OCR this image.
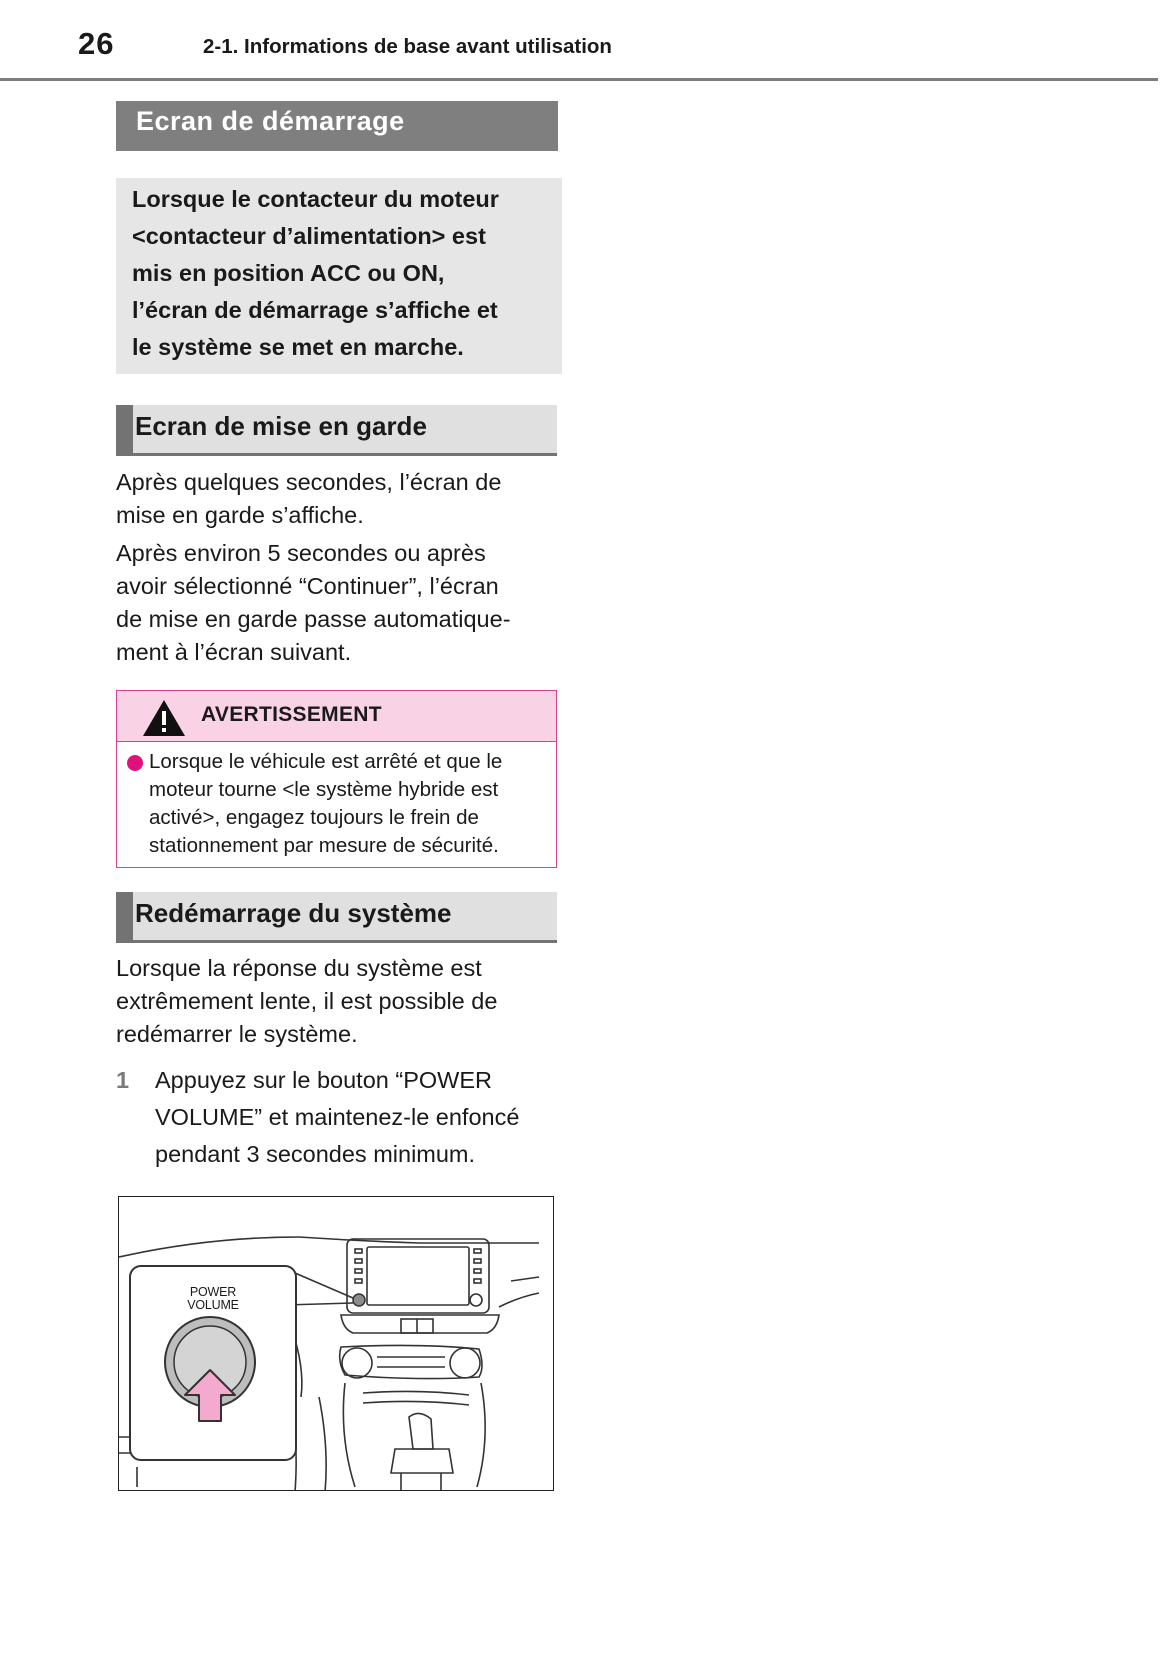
26	2-1. Informations de base avant utilisation
Ecran de démarrage

Lorsque le contacteur du moteur

<contacteur d’alimentation> est

mis en position ACC ou ON,

l’écran de démarrage s’affiche et

le système se met en marche.

Ecran de mise en garde

Après quelques secondes, l’écran de
mise en garde s’affiche.

Après environ 5 secondes ou après
avoir sélectionné “Continuer”, l’écran
de mise en garde passe automatique-
ment à l’écran suivant.

AVERTISSEMENT

Lorsque le véhicule est arrêté et que le

moteur tourne <le système hybride est

activé>, engagez toujours le frein de

stationnement par mesure de sécurité.

Redémarrage du système

Lorsque la réponse du système est
extrêmement lente, il est possible de
redémarrer le système.

1 Appuyez sur le bouton “POWER
VOLUME” et maintenez-le enfoncé
pendant 3 secondes minimum.

POWER
VOLUME
